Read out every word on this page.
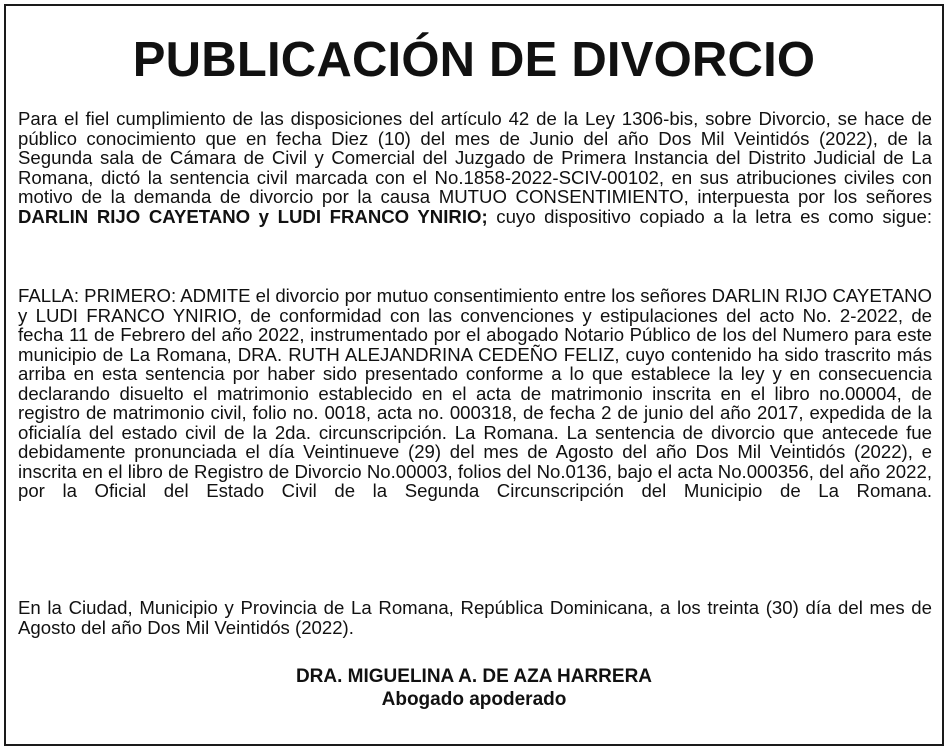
PUBLICACIÓN DE DIVORCIO

Para el fiel cumplimiento de las disposiciones del artículo 42 de la Ley 1306-bis, sobre Divorcio, se hace de público conocimiento que en fecha Diez (10) del mes de Junio del año Dos Mil Veintidós (2022), de la Segunda sala de Cámara de Civil y Comercial del Juzgado de Primera Instancia del Distrito Judicial de La Romana, dictó la sentencia civil marcada con el No.1858-2022-SCIV-00102, en sus atribuciones civiles con motivo de la demanda de divorcio por la causa MUTUO CONSENTIMIENTO, interpuesta por los señores DARLIN RIJO CAYETANO y LUDI FRANCO YNIRIO; cuyo dispositivo copiado a la letra es como sigue:

FALLA: PRIMERO: ADMITE el divorcio por mutuo consentimiento entre los señores DARLIN RIJO CAYETANO y LUDI FRANCO YNIRIO, de conformidad con las convenciones y estipulaciones del acto No. 2-2022, de fecha 11 de Febrero del año 2022, instrumentado por el abogado Notario Público de los del Numero para este municipio de La Romana, DRA. RUTH ALEJANDRINA CEDEÑO FELIZ, cuyo contenido ha sido trascrito más arriba en esta sentencia por haber sido presentado conforme a lo que establece la ley y en consecuencia declarando disuelto el matrimonio establecido en el acta de matrimonio inscrita en el libro no.00004, de registro de matrimonio civil, folio no. 0018, acta no. 000318, de fecha 2 de junio del año 2017, expedida de la oficialía del estado civil de la 2da. circunscripción. La Romana. La sentencia de divorcio que antecede fue debidamente pronunciada el día Veintinueve (29) del mes de Agosto del año Dos Mil Veintidós (2022), e inscrita en el libro de Registro de Divorcio No.00003, folios del No.0136, bajo el acta No.000356, del año 2022, por la Oficial del Estado Civil de la Segunda Circunscripción del Municipio de La Romana.

En la Ciudad, Municipio y Provincia de La Romana, República Dominicana, a los treinta (30) día del mes de Agosto del año Dos Mil Veintidós (2022).

DRA. MIGUELINA A. DE AZA HARRERA
Abogado apoderado
